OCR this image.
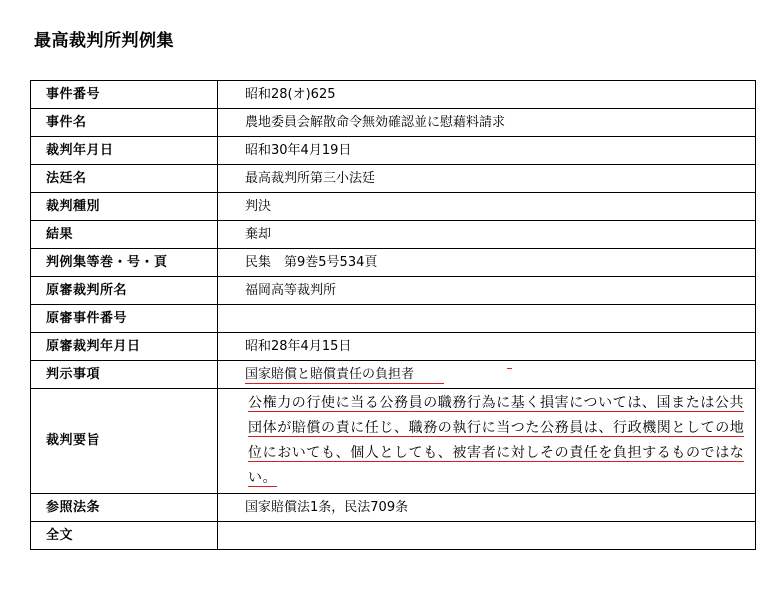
最高裁判所判例集
事件番号	昭和28(オ)625
事件名	農地委員会解散命令無効確認並に慰藉料請求
裁判年月日	昭和30年4月19日
法廷名	最高裁判所第三小法廷
裁判種別	判決
結果	棄却
判例集等巻・号・頁	民集　第9巻5号534頁
原審裁判所名	福岡高等裁判所
原審事件番号	
原審裁判年月日	昭和28年4月15日
判示事項	国家賠償と賠償責任の負担者

裁判要旨	公権力の行使に当る公務員の職務行為に基く損害については、国または公共団体が賠償の責に任じ、職務の執行に当つた公務員は、行政機関としての地位においても、個人としても、被害者に対しその責任を負担するものではない。

参照法条	国家賠償法1条，民法709条
全文	
